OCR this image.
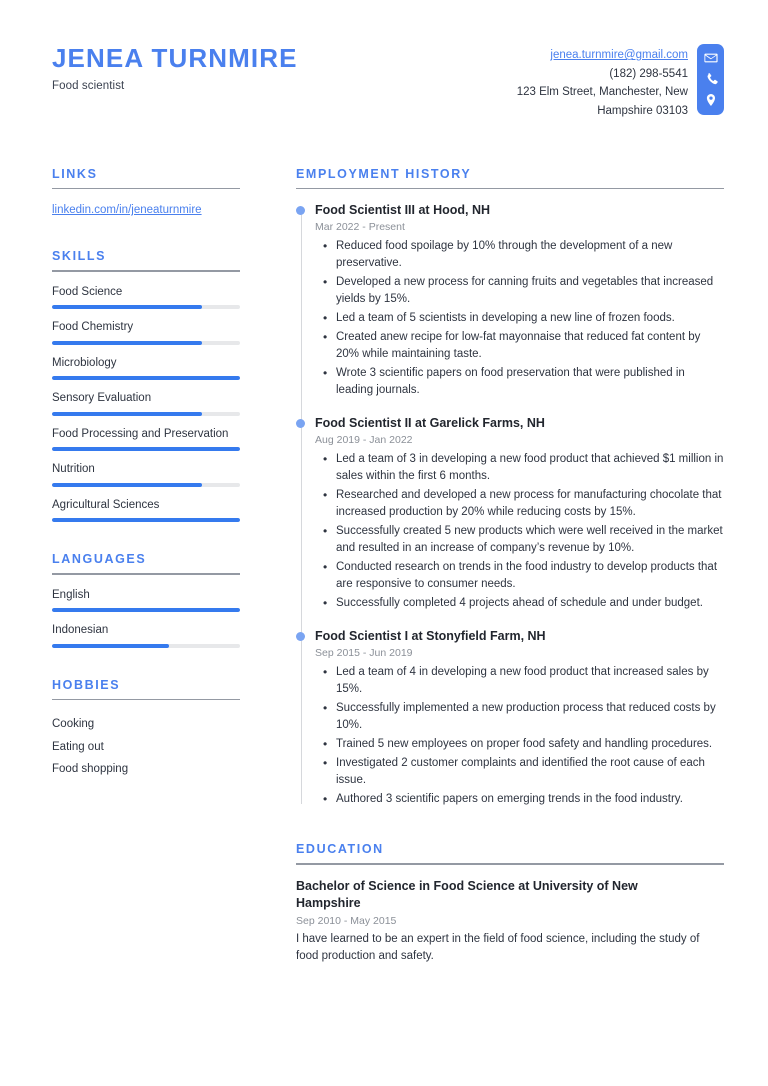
JENEA TURNMIRE
Food scientist
jenea.turnmire@gmail.com
(182) 298-5541
123 Elm Street, Manchester, New
Hampshire 03103
LINKS
linkedin.com/in/jeneaturnmire
SKILLS
Food Science
Food Chemistry
Microbiology
Sensory Evaluation
Food Processing and Preservation
Nutrition
Agricultural Sciences
LANGUAGES
English
Indonesian
HOBBIES
Cooking
Eating out
Food shopping
EMPLOYMENT HISTORY
Food Scientist III at Hood, NH
Mar 2022 - Present
• Reduced food spoilage by 10% through the development of a new preservative.
• Developed a new process for canning fruits and vegetables that increased yields by 15%.
• Led a team of 5 scientists in developing a new line of frozen foods.
• Created anew recipe for low-fat mayonnaise that reduced fat content by 20% while maintaining taste.
• Wrote 3 scientific papers on food preservation that were published in leading journals.
Food Scientist II at Garelick Farms, NH
Aug 2019 - Jan 2022
• Led a team of 3 in developing a new food product that achieved $1 million in sales within the first 6 months.
• Researched and developed a new process for manufacturing chocolate that increased production by 20% while reducing costs by 15%.
• Successfully created 5 new products which were well received in the market and resulted in an increase of company’s revenue by 10%.
• Conducted research on trends in the food industry to develop products that are responsive to consumer needs.
• Successfully completed 4 projects ahead of schedule and under budget.
Food Scientist I at Stonyfield Farm, NH
Sep 2015 - Jun 2019
• Led a team of 4 in developing a new food product that increased sales by 15%.
• Successfully implemented a new production process that reduced costs by 10%.
• Trained 5 new employees on proper food safety and handling procedures.
• Investigated 2 customer complaints and identified the root cause of each issue.
• Authored 3 scientific papers on emerging trends in the food industry.
EDUCATION
Bachelor of Science in Food Science at University of New Hampshire
Sep 2010 - May 2015
I have learned to be an expert in the field of food science, including the study of food production and safety.
